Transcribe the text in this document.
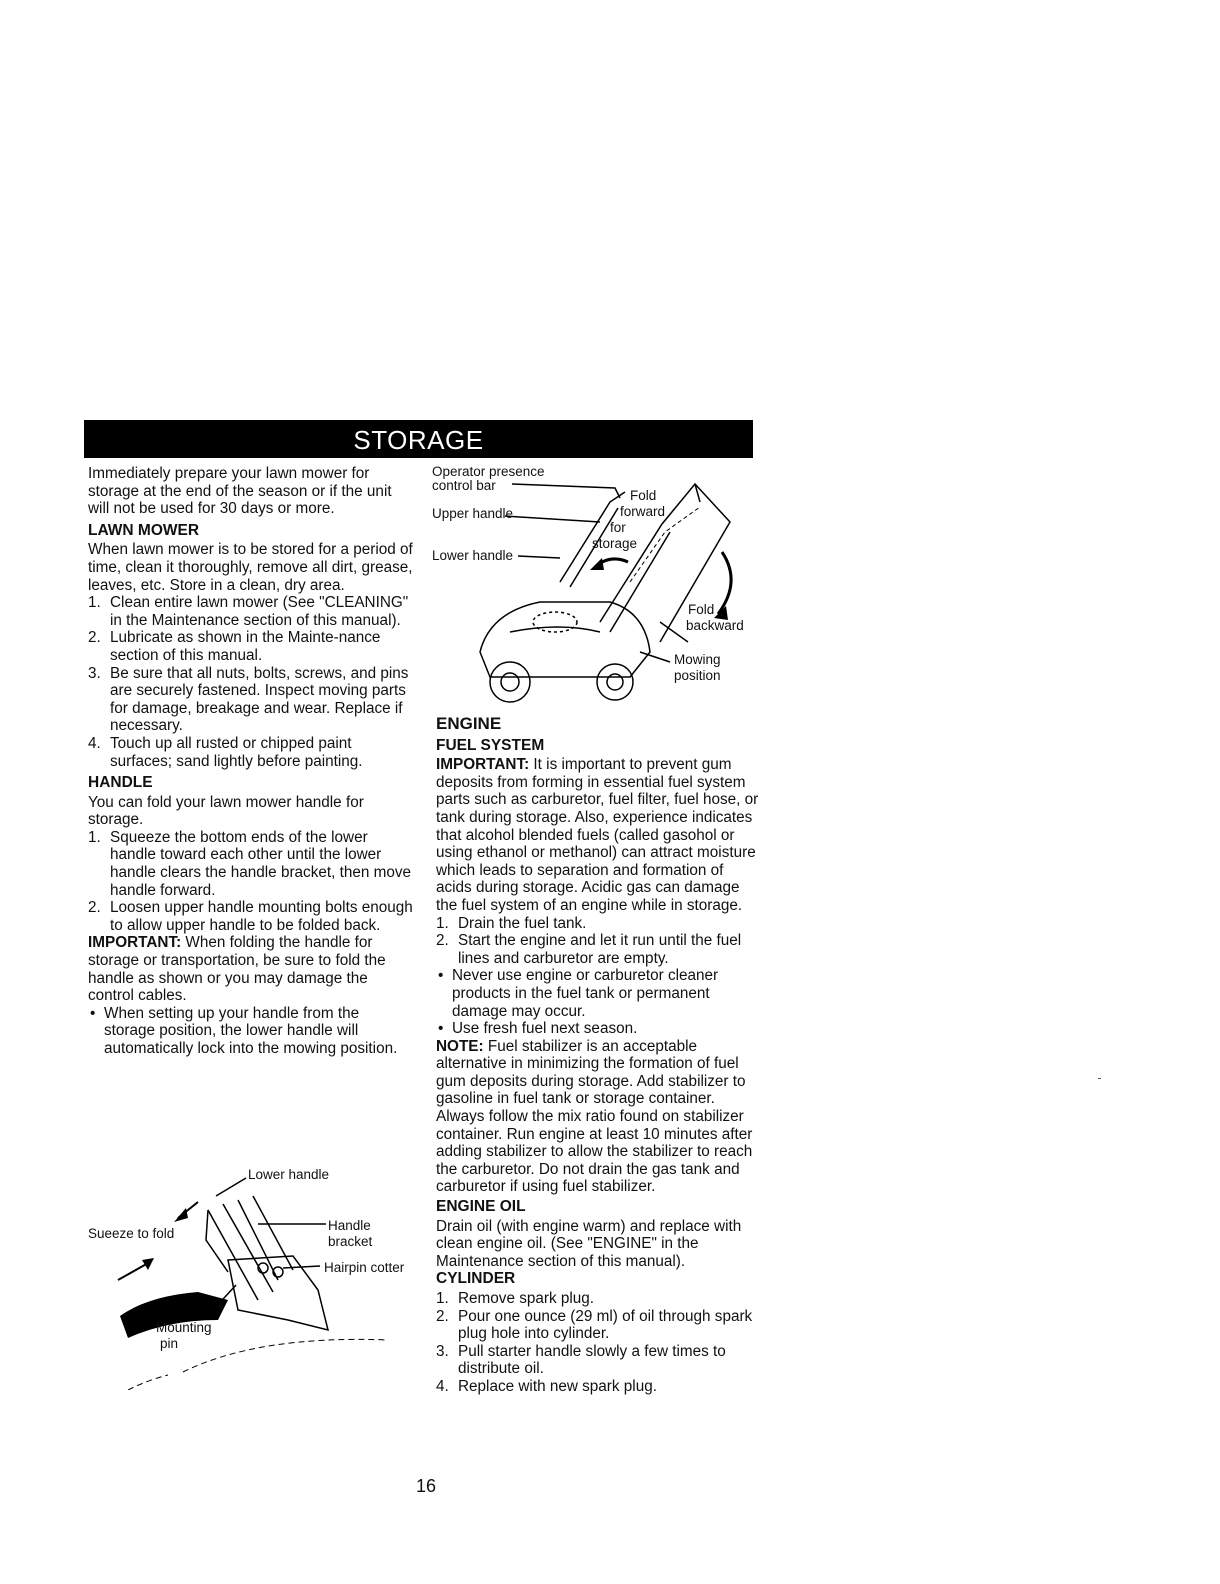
STORAGE

Immediately prepare your lawn mower for storage at the end of the season or if the unit will not be used for 30 days or more.

LAWN MOWER

When lawn mower is to be stored for a period of time, clean it thoroughly, remove all dirt, grease, leaves, etc. Store in a clean, dry area.

1. Clean entire lawn mower (See "CLEANING" in the Maintenance section of this manual).
2. Lubricate as shown in the Mainte-nance section of this manual.
3. Be sure that all nuts, bolts, screws, and pins are securely fastened. Inspect moving parts for damage, breakage and wear. Replace if necessary.
4. Touch up all rusted or chipped paint surfaces; sand lightly before painting.
HANDLE

You can fold your lawn mower handle for storage.

1. Squeeze the bottom ends of the lower handle toward each other until the lower handle clears the handle bracket, then move handle forward.
2. Loosen upper handle mounting bolts enough to allow upper handle to be folded back.

IMPORTANT: When folding the handle for storage or transportation, be sure to fold the handle as shown or you may damage the control cables.

• When setting up your handle from the storage position, the lower handle will automatically lock into the mowing position.
Lower handle
Sueeze to fold
Handle
bracket
Hairpin cotter
Mounting
pin
Operator presence
control bar
Upper handle
Lower handle
Fold
forward
for
storage
Fold
backward
Mowing
position
ENGINE
FUEL SYSTEM

IMPORTANT: It is important to prevent gum deposits from forming in essential fuel system parts such as carburetor, fuel filter, fuel hose, or tank during storage. Also, experience indicates that alcohol blended fuels (called gasohol or using ethanol or methanol) can attract moisture which leads to separation and formation of acids during storage. Acidic gas can damage the fuel system of an engine while in storage.

1. Drain the fuel tank.
2. Start the engine and let it run until the fuel lines and carburetor are empty.
• Never use engine or carburetor cleaner products in the fuel tank or permanent damage may occur.
• Use fresh fuel next season.

NOTE: Fuel stabilizer is an acceptable alternative in minimizing the formation of fuel gum deposits during storage. Add stabilizer to gasoline in fuel tank or storage container. Always follow the mix ratio found on stabilizer container. Run engine at least 10 minutes after adding stabilizer to allow the stabilizer to reach the carburetor. Do not drain the gas tank and carburetor if using fuel stabilizer.

ENGINE OIL

Drain oil (with engine warm) and replace with clean engine oil. (See "ENGINE" in the Maintenance section of this manual).

CYLINDER
1. Remove spark plug.
2. Pour one ounce (29 ml) of oil through spark plug hole into cylinder.
3. Pull starter handle slowly a few times to distribute oil.
4. Replace with new spark plug.
16
